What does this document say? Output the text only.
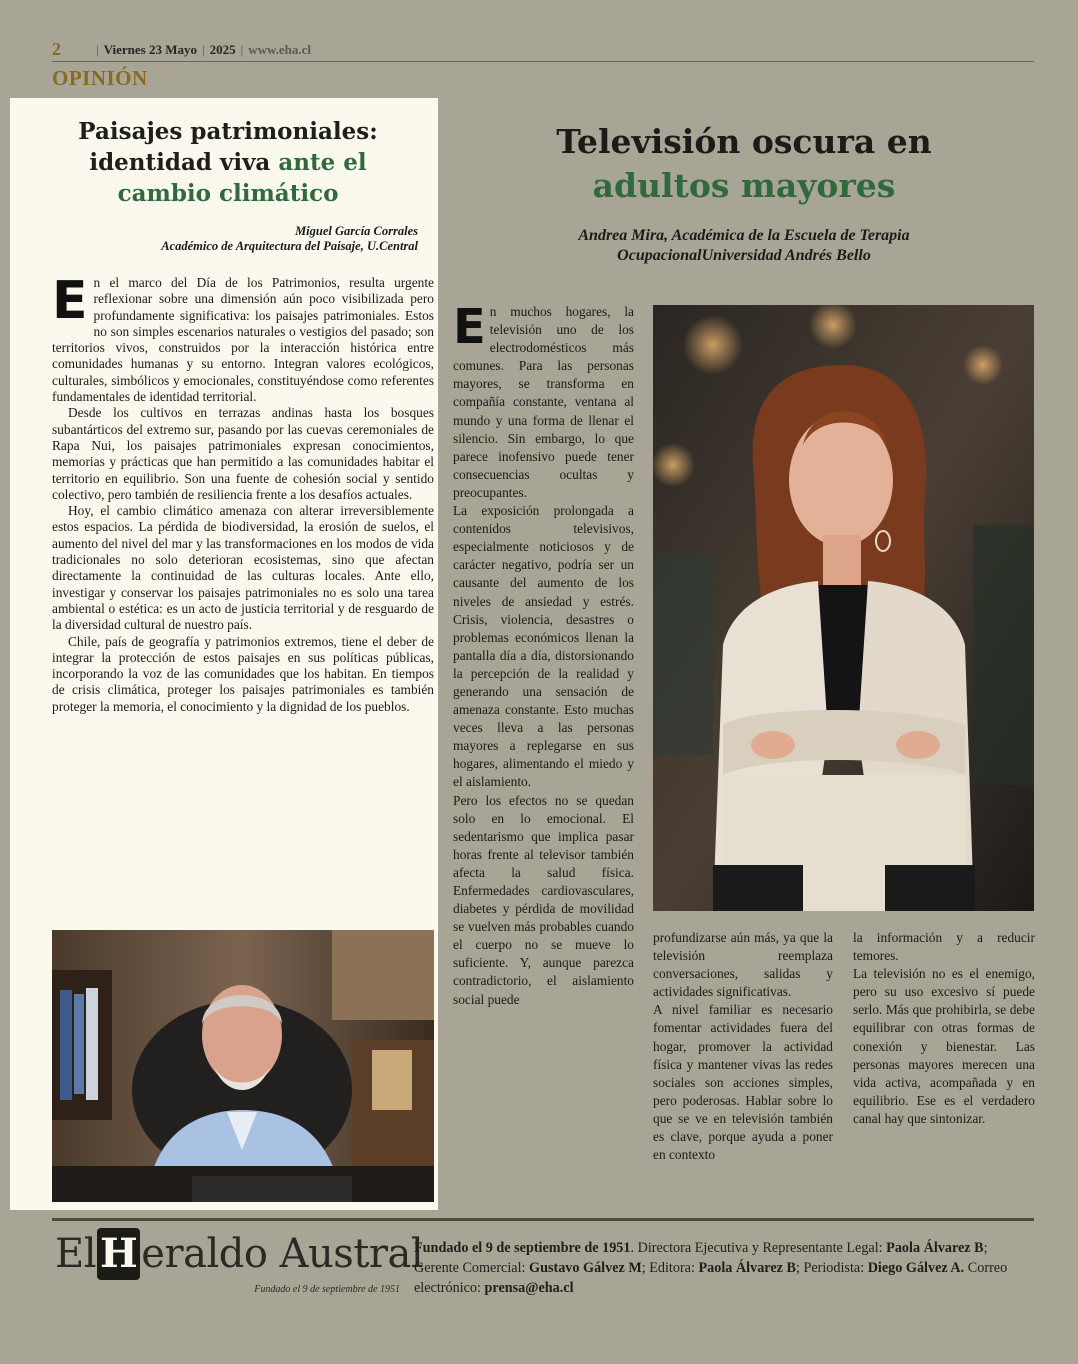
2	| Viernes 23 Mayo | 2025 | www.eha.cl
OPINIÓN
Paisajes patrimoniales:
identidad viva ante el
cambio climático
Miguel García Corrales
Académico de Arquitectura del Paisaje, U.Central

En el marco del Día de los Patrimonios, resulta urgente reflexionar sobre una dimensión aún poco visibilizada pero profundamente significativa: los paisajes patrimoniales. Estos no son simples escenarios naturales o vestigios del pasado; son territorios vivos, construidos por la interacción histórica entre comunidades humanas y su entorno. Integran valores ecológicos, culturales, simbólicos y emocionales, constituyéndose como referentes fundamentales de identidad territorial.

Desde los cultivos en terrazas andinas hasta los bosques subantárticos del extremo sur, pasando por las cuevas ceremoniales de Rapa Nui, los paisajes patrimoniales expresan conocimientos, memorias y prácticas que han permitido a las comunidades habitar el territorio en equilibrio. Son una fuente de cohesión social y sentido colectivo, pero también de resiliencia frente a los desafíos actuales.

Hoy, el cambio climático amenaza con alterar irreversiblemente estos espacios. La pérdida de biodiversidad, la erosión de suelos, el aumento del nivel del mar y las transformaciones en los modos de vida tradicionales no solo deterioran ecosistemas, sino que afectan directamente la continuidad de las culturas locales. Ante ello, investigar y conservar los paisajes patrimoniales no es solo una tarea ambiental o estética: es un acto de justicia territorial y de resguardo de la diversidad cultural de nuestro país.

Chile, país de geografía y patrimonios extremos, tiene el deber de integrar la protección de estos paisajes en sus políticas públicas, incorporando la voz de las comunidades que los habitan. En tiempos de crisis climática, proteger los paisajes patrimoniales es también proteger la memoria, el conocimiento y la dignidad de los pueblos.

Televisión oscura en
adultos mayores
Andrea Mira, Académica de la Escuela de Terapia
OcupacionalUniversidad Andrés Bello

En muchos hogares, la televisión uno de los electrodomésticos más comunes. Para las personas mayores, se transforma en compañía constante, ventana al mundo y una forma de llenar el silencio. Sin embargo, lo que parece inofensivo puede tener consecuencias ocultas y preocupantes.

La exposición prolongada a contenidos televisivos, especialmente noticiosos y de carácter negativo, podría ser un causante del aumento de los niveles de ansiedad y estrés. Crisis, violencia, desastres o problemas económicos llenan la pantalla día a día, distorsionando la percepción de la realidad y generando una sensación de amenaza constante. Esto muchas veces lleva a las personas mayores a replegarse en sus hogares, alimentando el miedo y el aislamiento.

Pero los efectos no se quedan solo en lo emocional. El sedentarismo que implica pasar horas frente al televisor también afecta la salud física. Enfermedades cardiovasculares, diabetes y pérdida de movilidad se vuelven más probables cuando el cuerpo no se mueve lo suficiente. Y, aunque parezca contradictorio, el aislamiento social puede

profundizarse aún más, ya que la televisión reemplaza conversaciones, salidas y actividades significativas.

A nivel familiar es necesario fomentar actividades fuera del hogar, promover la actividad física y mantener vivas las redes sociales son acciones simples, pero poderosas. Hablar sobre lo que se ve en televisión también es clave, porque ayuda a poner en contexto

la información y a reducir temores.

La televisión no es el enemigo, pero su uso excesivo sí puede serlo. Más que prohibirla, se debe equilibrar con otras formas de conexión y bienestar. Las personas mayores merecen una vida activa, acompañada y en equilibrio. Ese es el verdadero canal hay que sintonizar.

El H eraldo Austral
Fundado el 9 de septiembre de 1951
Fundado el 9 de septiembre de 1951. Directora Ejecutiva y Representante Legal: Paola Álvarez B; Gerente Comercial: Gustavo Gálvez M; Editora: Paola Álvarez B; Periodista: Diego Gálvez A. Correo electrónico: prensa@eha.cl
